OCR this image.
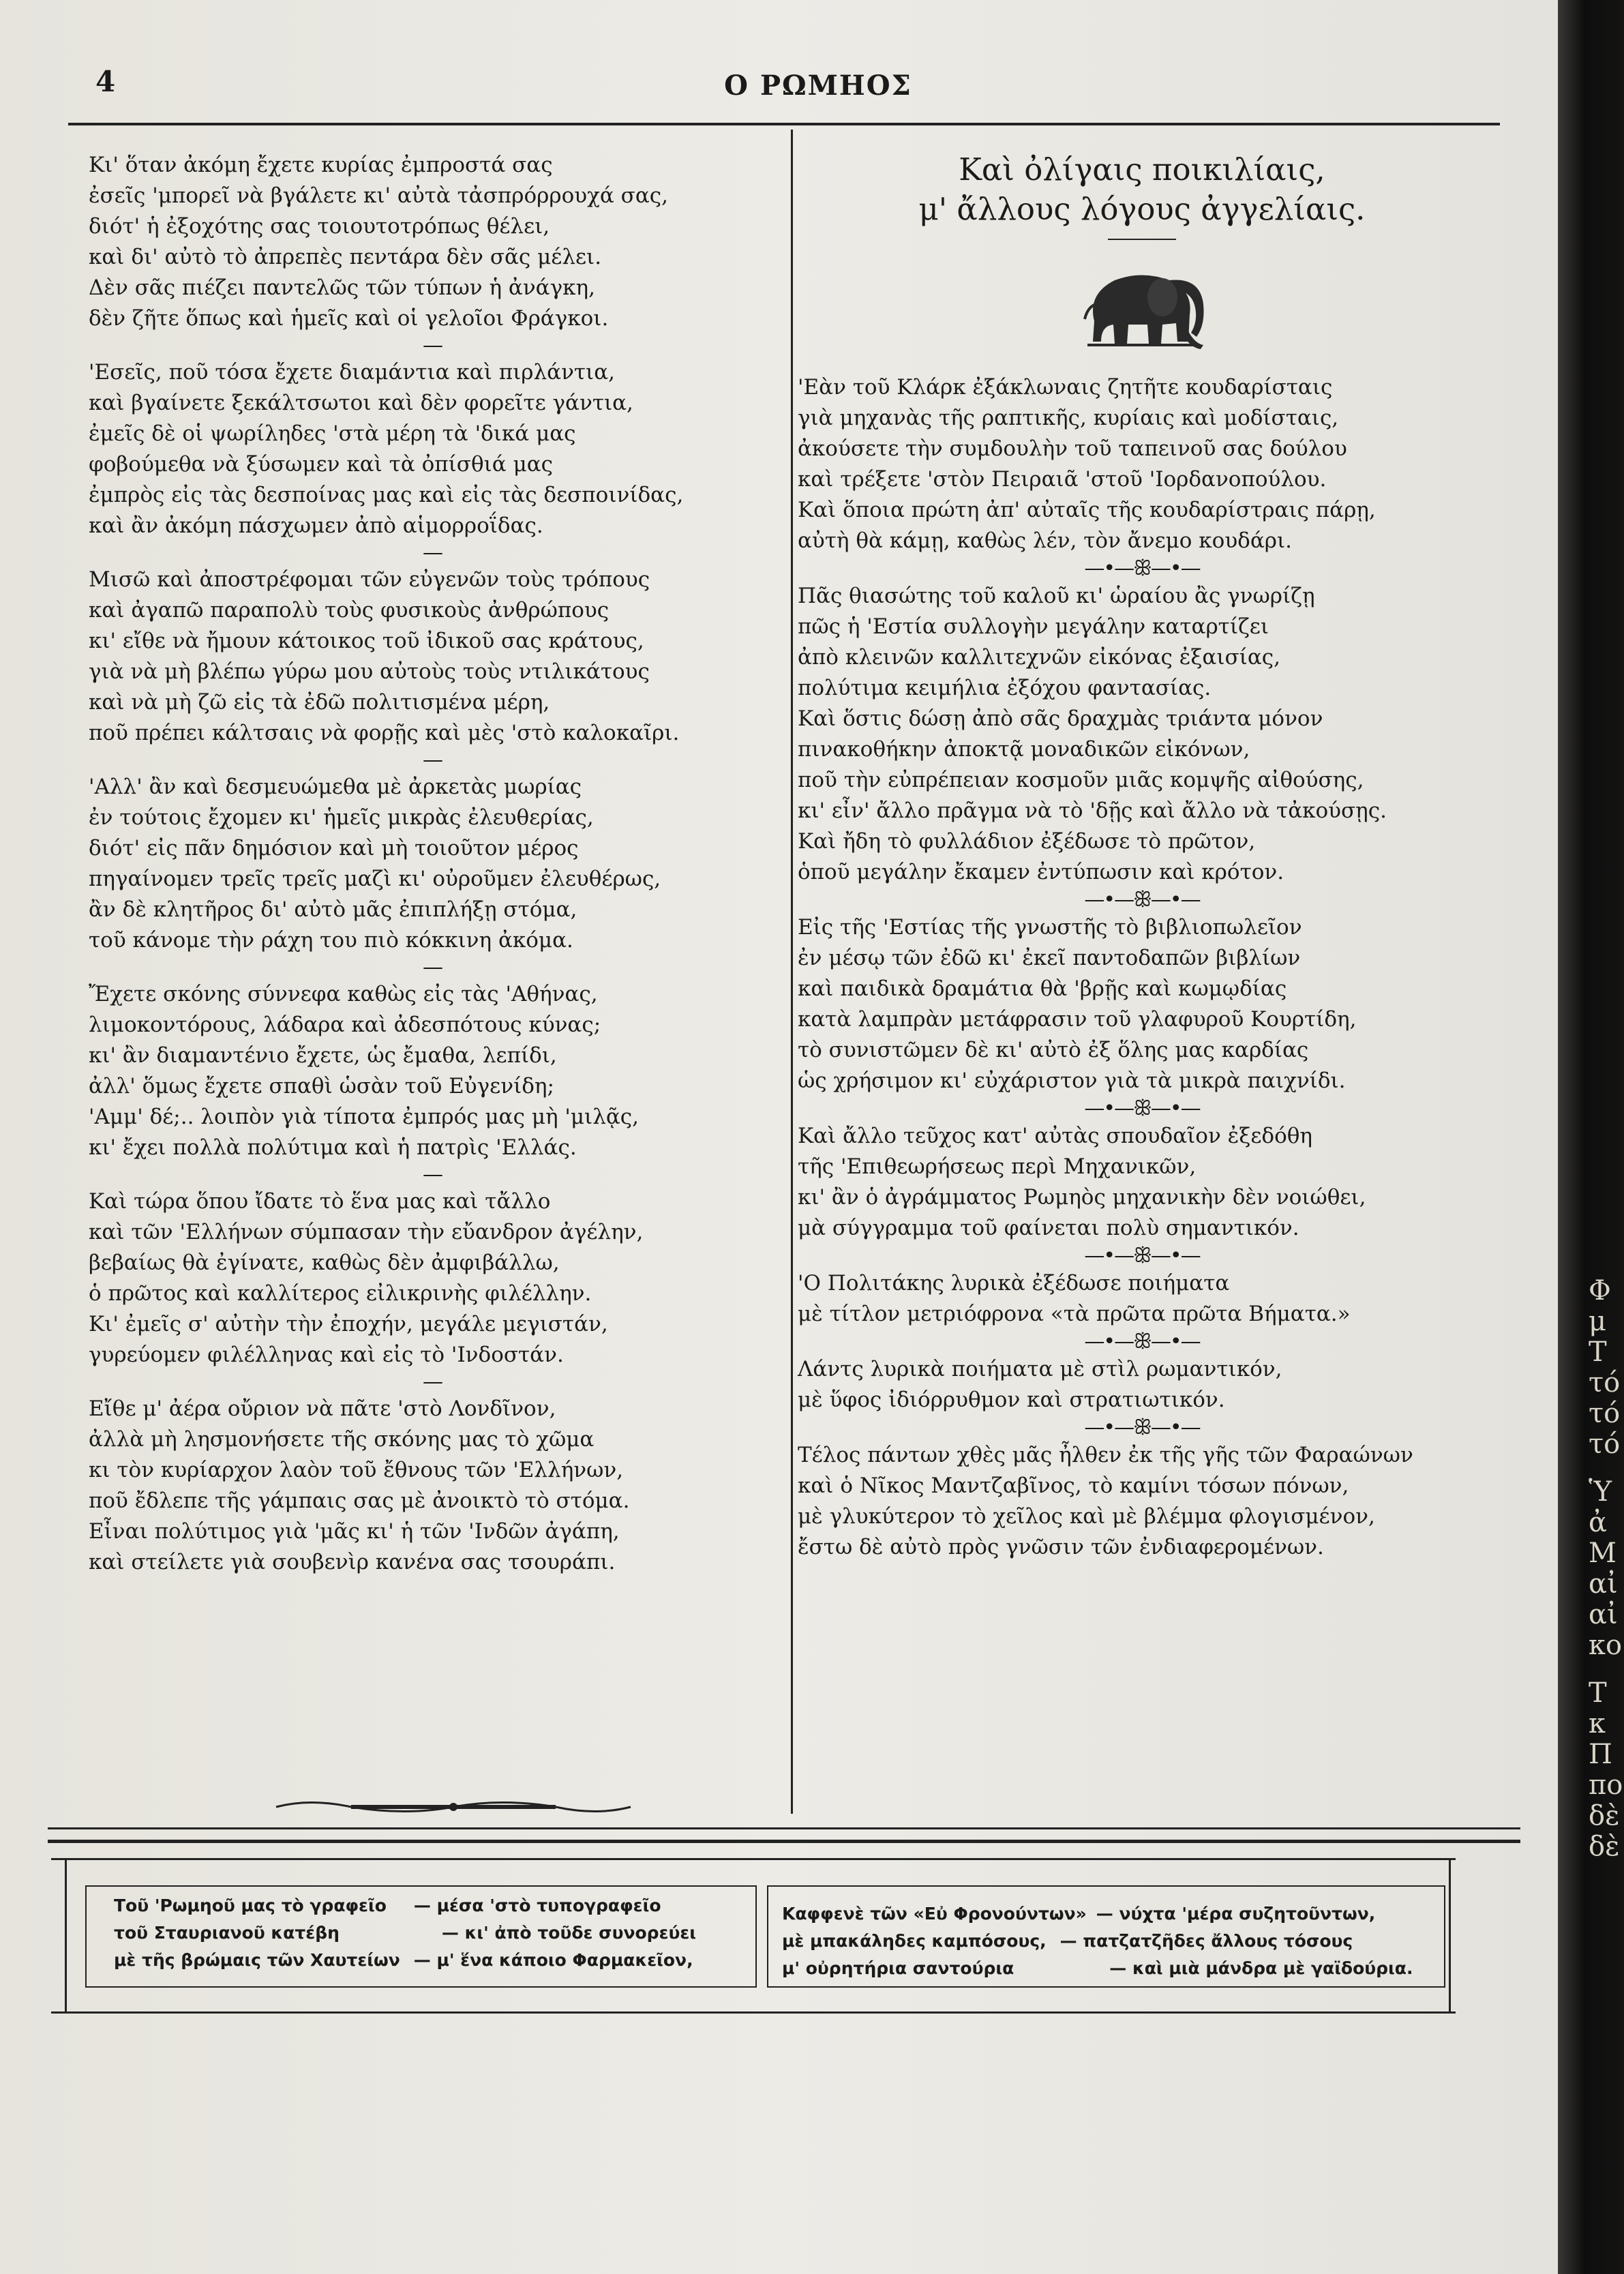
4	Ο ΡΩΜΗΟΣ
Κι' ὅταν ἀκόμη ἔχετε κυρίας ἐμπροστά σας
ἐσεῖς 'μπορεῖ νὰ βγάλετε κι' αὐτὰ τἀσπρόρρουχά σας,
διότ' ἡ ἐξοχότης σας τοιουτοτρόπως θέλει,
καὶ δι' αὐτὸ τὸ ἀπρεπὲς πεντάρα δὲν σᾶς μέλει.
Δὲν σᾶς πιέζει παντελῶς τῶν τύπων ἡ ἀνάγκη,
δὲν ζῆτε ὅπως καὶ ἡμεῖς καὶ οἱ γελοῖοι Φράγκοι.
—
'Εσεῖς, ποῦ τόσα ἔχετε διαμάντια καὶ πιρλάντια,
καὶ βγαίνετε ξεκάλτσωτοι καὶ δὲν φορεῖτε γάντια,
ἐμεῖς δὲ οἱ ψωρίληδες 'στὰ μέρη τὰ 'δικά μας
φοβούμεθα νὰ ξύσωμεν καὶ τὰ ὀπίσθιά μας
ἐμπρὸς εἰς τὰς δεσποίνας μας καὶ εἰς τὰς δεσποινίδας,
καὶ ἂν ἀκόμη πάσχωμεν ἀπὸ αἱμορροΐδας.
—
Μισῶ καὶ ἀποστρέφομαι τῶν εὐγενῶν τοὺς τρόπους
καὶ ἀγαπῶ παραπολὺ τοὺς φυσικοὺς ἀνθρώπους
κι' εἴθε νὰ ἤμουν κάτοικος τοῦ ἰδικοῦ σας κράτους,
γιὰ νὰ μὴ βλέπω γύρω μου αὐτοὺς τοὺς ντιλικάτους
καὶ νὰ μὴ ζῶ εἰς τὰ ἐδῶ πολιτισμένα μέρη,
ποῦ πρέπει κάλτσαις νὰ φορῇς καὶ μὲς 'στὸ καλοκαῖρι.
—
'Αλλ' ἂν καὶ δεσμευώμεθα μὲ ἀρκετὰς μωρίας
ἐν τούτοις ἔχομεν κι' ἡμεῖς μικρὰς ἐλευθερίας,
διότ' εἰς πᾶν δημόσιον καὶ μὴ τοιοῦτον μέρος
πηγαίνομεν τρεῖς τρεῖς μαζὶ κι' οὐροῦμεν ἐλευθέρως,
ἂν δὲ κλητῆρος δι' αὐτὸ μᾶς ἐπιπλήξῃ στόμα,
τοῦ κάνομε τὴν ράχη του πιὸ κόκκινη ἀκόμα.
—
Ἔχετε σκόνης σύννεφα καθὼς εἰς τὰς 'Αθήνας,
λιμοκοντόρους, λάδαρα καὶ ἀδεσπότους κύνας;
κι' ἂν διαμαντένιο ἔχετε, ὡς ἔμαθα, λεπίδι,
ἀλλ' ὅμως ἔχετε σπαθὶ ὡσὰν τοῦ Εὐγενίδη;
'Αμμ' δέ;.. λοιπὸν γιὰ τίποτα ἐμπρός μας μὴ 'μιλᾷς,
κι' ἔχει πολλὰ πολύτιμα καὶ ἡ πατρὶς 'Ελλάς.
—
Καὶ τώρα ὅπου ἴδατε τὸ ἕνα μας καὶ τἄλλο
καὶ τῶν 'Ελλήνων σύμπασαν τὴν εὔανδρον ἀγέλην,
βεβαίως θὰ ἐγίνατε, καθὼς δὲν ἀμφιβάλλω,
ὁ πρῶτος καὶ καλλίτερος εἰλικρινὴς φιλέλλην.
Κι' ἐμεῖς σ' αὐτὴν τὴν ἐποχήν, μεγάλε μεγιστάν,
γυρεύομεν φιλέλληνας καὶ εἰς τὸ 'Ινδοστάν.
—
Εἴθε μ' ἀέρα οὔριον νὰ πᾶτε 'στὸ Λονδῖνον,
ἀλλὰ μὴ λησμονήσετε τῆς σκόνης μας τὸ χῶμα
κι τὸν κυρίαρχον λαὸν τοῦ ἔθνους τῶν 'Ελλήνων,
ποῦ ἔδλεπε τῆς γάμπαις σας μὲ ἀνοικτὸ τὸ στόμα.
Εἶναι πολύτιμος γιὰ 'μᾶς κι' ἡ τῶν 'Ινδῶν ἀγάπη,
καὶ στείλετε γιὰ σουβενὶρ κανένα σας τσουράπι.
Καὶ ὀλίγαις ποικιλίαις,
μ' ἄλλους λόγους ἀγγελίαις.
'Εὰν τοῦ Κλάρκ ἐξάκλωναις ζητῆτε κουδαρίσταις
γιὰ μηχανὰς τῆς ραπτικῆς, κυρίαις καὶ μοδίσταις,
ἀκούσετε τὴν συμδουλὴν τοῦ ταπεινοῦ σας δούλου
καὶ τρέξετε 'στὸν Πειραιᾶ 'στοῦ 'Ιορδανοπούλου.
Καὶ ὅποια πρώτη ἀπ' αὐταῖς τῆς κουδαρίστραις πάρῃ,
αὐτὴ θὰ κάμῃ, καθὼς λέν, τὸν ἄνεμο κουδάρι.
—•—ꕥ—•—
Πᾶς θιασώτης τοῦ καλοῦ κι' ὡραίου ἂς γνωρίζῃ
πῶς ἡ 'Εστία συλλογὴν μεγάλην καταρτίζει
ἀπὸ κλεινῶν καλλιτεχνῶν εἰκόνας ἐξαισίας,
πολύτιμα κειμήλια ἐξόχου φαντασίας.
Καὶ ὅστις δώσῃ ἀπὸ σᾶς δραχμὰς τριάντα μόνον
πινακοθήκην ἀποκτᾷ μοναδικῶν εἰκόνων,
ποῦ τὴν εὐπρέπειαν κοσμοῦν μιᾶς κομψῆς αἰθούσης,
κι' εἶν' ἄλλο πρᾶγμα νὰ τὸ 'δῇς καὶ ἄλλο νὰ τἀκούσῃς.
Καὶ ἤδη τὸ φυλλάδιον ἐξέδωσε τὸ πρῶτον,
ὁποῦ μεγάλην ἔκαμεν ἐντύπωσιν καὶ κρότον.
—•—ꕥ—•—
Εἰς τῆς 'Εστίας τῆς γνωστῆς τὸ βιβλιοπωλεῖον
ἐν μέσῳ τῶν ἐδῶ κι' ἐκεῖ παντοδαπῶν βιβλίων
καὶ παιδικὰ δραμάτια θὰ 'βρῇς καὶ κωμῳδίας
κατὰ λαμπρὰν μετάφρασιν τοῦ γλαφυροῦ Κουρτίδη,
τὸ συνιστῶμεν δὲ κι' αὐτὸ ἐξ ὅλης μας καρδίας
ὡς χρήσιμον κι' εὐχάριστον γιὰ τὰ μικρὰ παιχνίδι.
—•—ꕥ—•—
Καὶ ἄλλο τεῦχος κατ' αὐτὰς σπουδαῖον ἐξεδόθη
τῆς 'Επιθεωρήσεως περὶ Μηχανικῶν,
κι' ἂν ὁ ἀγράμματος Ρωμηὸς μηχανικὴν δὲν νοιώθει,
μὰ σύγγραμμα τοῦ φαίνεται πολὺ σημαντικόν.
—•—ꕥ—•—
'Ο Πολιτάκης λυρικὰ ἐξέδωσε ποιήματα
μὲ τίτλον μετριόφρονα «τὰ πρῶτα πρῶτα Βήματα.»
—•—ꕥ—•—
Λάντς λυρικὰ ποιήματα μὲ στὶλ ρωμαντικόν,
μὲ ὕφος ἰδιόρρυθμον καὶ στρατιωτικόν.
—•—ꕥ—•—
Τέλος πάντων χθὲς μᾶς ἦλθεν ἐκ τῆς γῆς τῶν Φαραώνων
καὶ ὁ Νῖκος Μαντζαβῖνος, τὸ καμίνι τόσων πόνων,
μὲ γλυκύτερον τὸ χεῖλος καὶ μὲ βλέμμα φλογισμένον,
ἔστω δὲ αὐτὸ πρὸς γνῶσιν τῶν ἐνδιαφερομένων.
Τοῦ 'Ρωμηοῦ μας τὸ γραφεῖο — μέσα 'στὸ τυπογραφεῖο
τοῦ Σταυριανοῦ κατέβη	— κι' ἀπὸ τοῦδε συνορεύει
μὲ τῆς βρώμαις τῶν Χαυτείων — μ' ἕνα κάποιο Φαρμακεῖον,
Καφφενὲ τῶν «Εὐ Φρονούντων» — νύχτα 'μέρα συζητοῦντων,
μὲ μπακάληδες καμπόσους, — πατζατζῆδες ἄλλους τόσους
μ' οὐρητήρια σαντούρια	— καὶ μιὰ μάνδρα μὲ γαϊδούρια.
Φ
μ
Τ
τό
τό
τό
Ὑ
ἀ
Μ
αἰ
αἰ
κο
Τ
κ
Π
πο
δὲ
δὲ
